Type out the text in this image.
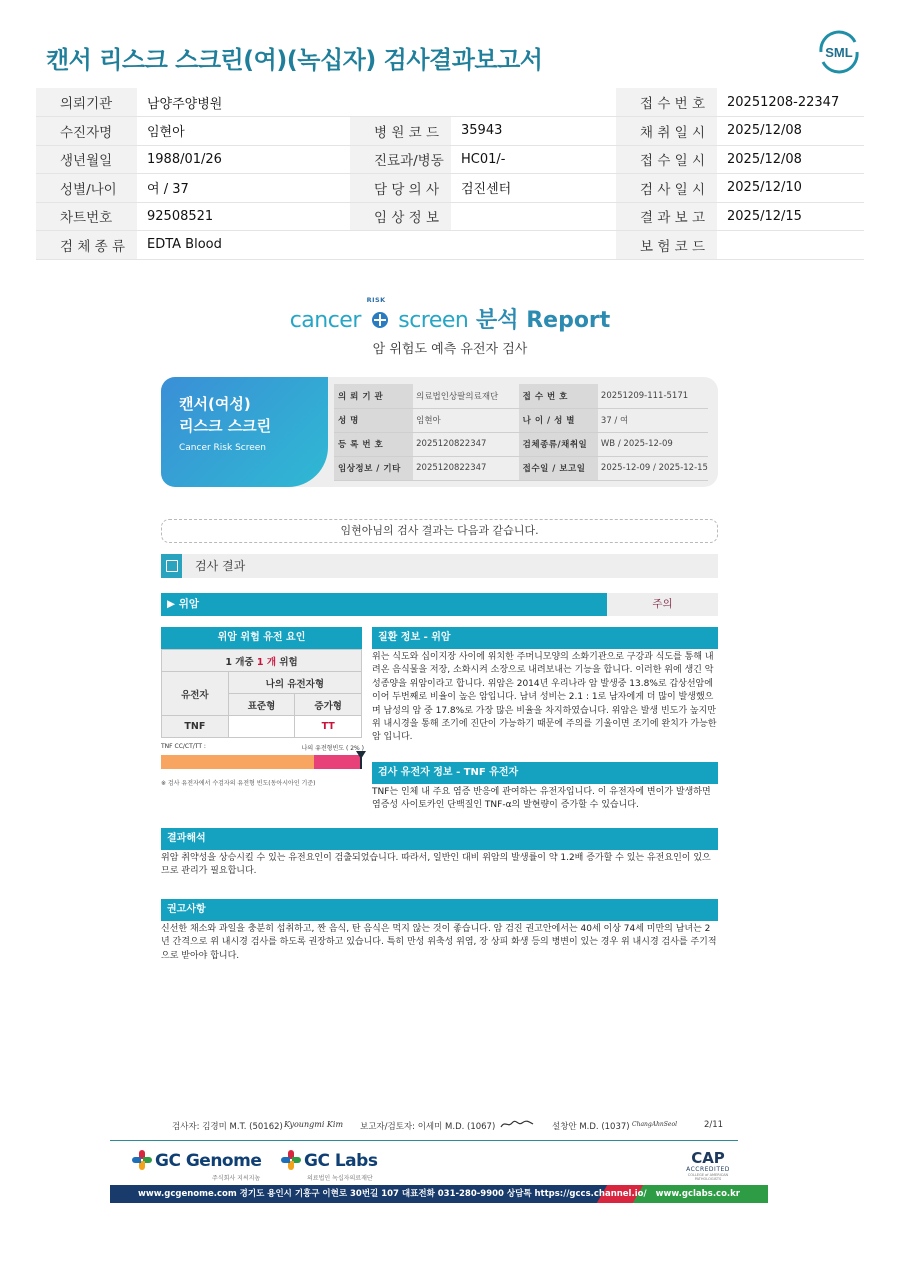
캔서 리스크 스크린(여)(녹십자) 검사결과보고서	SML
의뢰기관	남양주양병원			접 수 번 호	20251208-22347
수진자명	임현아	병 원 코 드	35943	채 취 일 시	2025/12/08
생년월일	1988/01/26	진료과/병동	HC01/-	접 수 일 시	2025/12/08
성별/나이	여 / 37	담 당 의 사	검진센터	검 사 일 시	2025/12/10
차트번호	92508521	임 상 정 보		결 과 보 고	2025/12/15
검 체 종 류	EDTA Blood			보 험 코 드	
cancer
RISK
screen 분석 Report
암 위험도 예측 유전자 검사
캔서(여성)
리스크 스크린
Cancer Risk Screen
의 뢰 기 관	의료법인상팔의료재단	접 수 번 호	20251209-111-5171
성 명	임현아	나 이 / 성 별	37 / 여
등 록 번 호	2025120822347	검체종류/채취일	WB / 2025-12-09
임상정보 / 기타	2025120822347	접수일 / 보고일	2025-12-09 / 2025-12-15
임현아님의 검사 결과는 다음과 같습니다.
검사 결과
▶ 위암	주의
위암 위험 유전 요인
1 개중 1 개 위험		
유전자	나의 유전자형	
	표준형	증가형
TNF		TT
TNF CC/CT/TT :	나의 유전형빈도 ( 2% )
※ 검사 유전자에서 수검자의 유전형 빈도(동아시아인 기준)
질환 정보 - 위암
위는 식도와 십이지장 사이에 위치한 주머니모양의 소화기관으로 구강과 식도를 통해 내려온 음식물을 저장, 소화시켜 소장으로 내려보내는 기능을 합니다. 이러한 위에 생긴 악성종양을 위암이라고 합니다. 위암은 2014년 우리나라 암 발생중 13.8%로 갑상선암에 이어 두번째로 비율이 높은 암입니다. 남녀 성비는 2.1 : 1로 남자에게 더 많이 발생했으며 남성의 암 중 17.8%로 가장 많은 비율을 차지하였습니다. 위암은 발생 빈도가 높지만 위 내시경을 통해 조기에 진단이 가능하기 때문에 주의를 기울이면 조기에 완치가 가능한 암 입니다.
검사 유전자 정보 - TNF 유전자
TNF는 인체 내 주요 염증 반응에 관여하는 유전자입니다. 이 유전자에 변이가 발생하면 염증성 사이토카인 단백질인 TNF-α의 발현량이 증가할 수 있습니다.
결과해석
위암 취약성을 상승시킬 수 있는 유전요인이 검출되었습니다. 따라서, 일반인 대비 위암의 발생률이 약 1.2배 증가할 수 있는 유전요인이 있으므로 관리가 필요합니다.
권고사항
신선한 채소와 과일을 충분히 섭취하고, 짠 음식, 탄 음식은 먹지 않는 것이 좋습니다. 암 검진 권고안에서는 40세 이상 74세 미만의 남녀는 2년 간격으로 위 내시경 검사를 하도록 권장하고 있습니다. 특히 만성 위축성 위염, 장 상피 화생 등의 병변이 있는 경우 위 내시경 검사를 주기적으로 받아야 합니다.
검사자: 김경미 M.T. (50162) Kyoungmi Kim 보고자/검토자: 이세미 M.D. (1067)	설창안 M.D. (1037) ChangAhnSeol	2/11
GC Genome
주식회사 지씨지놈
GC Labs
의료법인 녹십자의료재단
CAP
ACCREDITED
COLLEGE of AMERICAN PATHOLOGISTS
www.gcgenome.com 경기도 용인시 기흥구 이현로 30번길 107 대표전화 031-280-9900 상담톡 https://gccs.channel.io/ www.gclabs.co.kr
